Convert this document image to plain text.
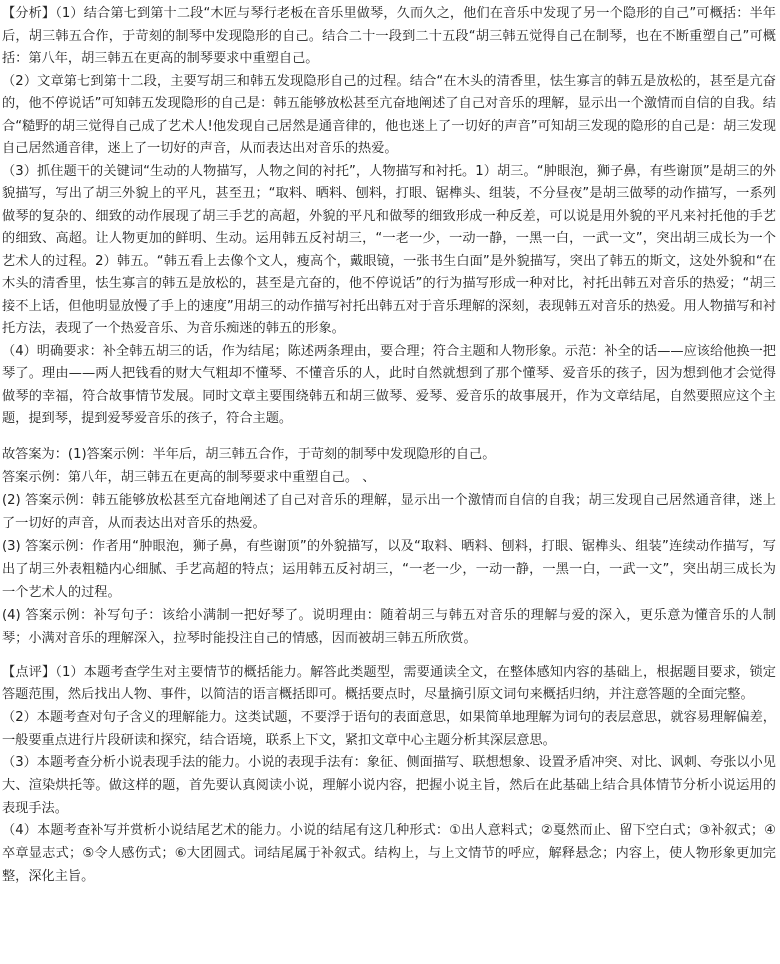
【分析】（1）结合第七到第十二段“木匠与琴行老板在音乐里做琴，久而久之，他们在音乐中发现了另一个隐形的自己”可概括：半年后，胡三韩五合作，于苛刻的制琴中发现隐形的自己。结合二十一段到二十五段“胡三韩五觉得自己在制琴，也在不断重塑自己”可概括：第八年，胡三韩五在更高的制琴要求中重塑自己。

（2）文章第七到第十二段，主要写胡三和韩五发现隐形自己的过程。结合“在木头的清香里，怯生寡言的韩五是放松的，甚至是亢奋的，他不停说话”可知韩五发现隐形的自己是：韩五能够放松甚至亢奋地阐述了自己对音乐的理解，显示出一个激情而自信的自我。结合“糙野的胡三觉得自己成了艺术人!他发现自己居然是通音律的，他也迷上了一切好的声音”可知胡三发现的隐形的自己是：胡三发现自己居然通音律，迷上了一切好的声音，从而表达出对音乐的热爱。

（3）抓住题干的关键词“生动的人物描写，人物之间的衬托”，人物描写和衬托。1）胡三。“肿眼泡，狮子鼻，有些谢顶”是胡三的外貌描写，写出了胡三外貌上的平凡，甚至丑；“取料、晒料、刨料，打眼、锯榫头、组装，不分昼夜”是胡三做琴的动作描写，一系列做琴的复杂的、细致的动作展现了胡三手艺的高超，外貌的平凡和做琴的细致形成一种反差，可以说是用外貌的平凡来衬托他的手艺的细致、高超。让人物更加的鲜明、生动。运用韩五反衬胡三，“一老一少，一动一静，一黑一白，一武一文”，突出胡三成长为一个艺术人的过程。2）韩五。“韩五看上去像个文人，瘦高个，戴眼镜，一张书生白面”是外貌描写，突出了韩五的斯文，这处外貌和“在木头的清香里，怯生寡言的韩五是放松的，甚至是亢奋的，他不停说话”的行为描写形成一种对比，衬托出韩五对音乐的热爱；“胡三接不上话，但他明显放慢了手上的速度”用胡三的动作描写衬托出韩五对于音乐理解的深刻，表现韩五对音乐的热爱。用人物描写和衬托方法，表现了一个热爱音乐、为音乐痴迷的韩五的形象。

（4）明确要求：补全韩五胡三的话，作为结尾；陈述两条理由，要合理；符合主题和人物形象。示范：补全的话——应该给他换一把琴了。理由——两人把钱看的财大气粗却不懂琴、不懂音乐的人，此时自然就想到了那个懂琴、爱音乐的孩子，因为想到他才会觉得做琴的幸福，符合故事情节发展。同时文章主要围绕韩五和胡三做琴、爱琴、爱音乐的故事展开，作为文章结尾，自然要照应这个主题，提到琴，提到爱琴爱音乐的孩子，符合主题。

故答案为：(1)答案示例：半年后，胡三韩五合作，于苛刻的制琴中发现隐形的自己。

答案示例：第八年，胡三韩五在更高的制琴要求中重塑自己。 、

(2) 答案示例：韩五能够放松甚至亢奋地阐述了自己对音乐的理解，显示出一个激情而自信的自我；胡三发现自己居然通音律，迷上了一切好的声音，从而表达出对音乐的热爱。

(3) 答案示例：作者用“肿眼泡，狮子鼻，有些谢顶”的外貌描写，以及“取料、晒料、刨料，打眼、锯榫头、组装”连续动作描写，写出了胡三外表粗糙内心细腻、手艺高超的特点；运用韩五反衬胡三，“一老一少，一动一静，一黑一白，一武一文”，突出胡三成长为一个艺术人的过程。

(4) 答案示例：补写句子：该给小满制一把好琴了。说明理由：随着胡三与韩五对音乐的理解与爱的深入，更乐意为懂音乐的人制琴；小满对音乐的理解深入，拉琴时能投注自己的情感，因而被胡三韩五所欣赏。

【点评】（1）本题考查学生对主要情节的概括能力。解答此类题型，需要通读全文，在整体感知内容的基础上，根据题目要求，锁定答题范围，然后找出人物、事件，以简洁的语言概括即可。概括要点时，尽量摘引原文词句来概括归纳，并注意答题的全面完整。

（2）本题考查对句子含义的理解能力。这类试题，不要浮于语句的表面意思，如果简单地理解为词句的表层意思，就容易理解偏差，一般要重点进行片段研读和探究，结合语境，联系上下文，紧扣文章中心主题分析其深层意思。

（3）本题考查分析小说表现手法的能力。小说的表现手法有：象征、侧面描写、联想想象、设置矛盾冲突、对比、讽刺、夸张以小见大、渲染烘托等。做这样的题，首先要认真阅读小说，理解小说内容，把握小说主旨，然后在此基础上结合具体情节分析小说运用的表现手法。

（4）本题考查补写并赏析小说结尾艺术的能力。小说的结尾有这几种形式：①出人意料式；②戛然而止、留下空白式；③补叙式；④卒章显志式；⑤令人感伤式；⑥大团圆式。词结尾属于补叙式。结构上，与上文情节的呼应，解释悬念；内容上，使人物形象更加完整，深化主旨。
